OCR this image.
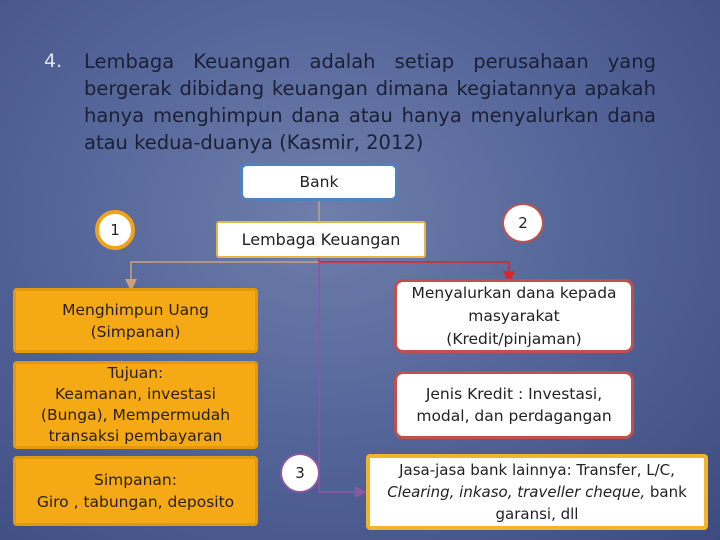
4. Lembaga Keuangan adalah setiap perusahaan yang bergerak dibidang keuangan dimana kegiatannya apakah hanya menghimpun dana atau hanya menyalurkan dana atau kedua-duanya (Kasmir, 2012)
Bank
Lembaga Keuangan
1	2
3
Menghimpun Uang
(Simpanan)
Tujuan:
Keamanan, investasi
(Bunga), Mempermudah
transaksi pembayaran
Simpanan:
Giro , tabungan, deposito
Menyalurkan dana kepada
masyarakat
(Kredit/pinjaman)
Jenis Kredit : Investasi,
modal, dan perdagangan
Jasa-jasa bank lainnya: Transfer, L/C,
Clearing, inkaso, traveller cheque, bank
garansi, dll
